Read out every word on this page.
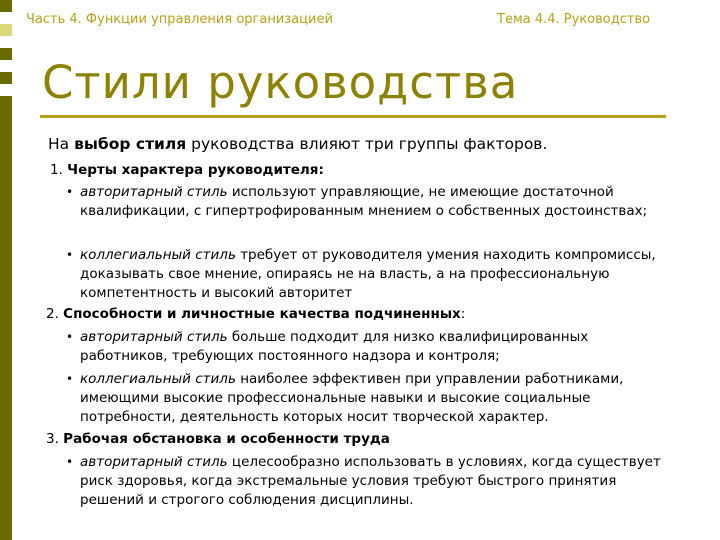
Часть 4. Функции управления организацией	Тема 4.4. Руководство
Стили руководства
На выбор стиля руководства влияют три группы факторов.
1. Черты характера руководителя:
• авторитарный стиль используют управляющие, не имеющие достаточной квалификации, с гипертрофированным мнением о собственных достоинствах;
• коллегиальный стиль требует от руководителя умения находить компромиссы, доказывать свое мнение, опираясь не на власть, а на профессиональную компетентность и высокий авторитет
2. Способности и личностные качества подчиненных:
• авторитарный стиль больше подходит для низко квалифицированных работников, требующих постоянного надзора и контроля;
• коллегиальный стиль наиболее эффективен при управлении работниками, имеющими высокие профессиональные навыки и высокие социальные потребности, деятельность которых носит творческой характер.
3. Рабочая обстановка и особенности труда
• авторитарный стиль целесообразно использовать в условиях, когда существует риск здоровья, когда экстремальные условия требуют быстрого принятия решений и строгого соблюдения дисциплины.
